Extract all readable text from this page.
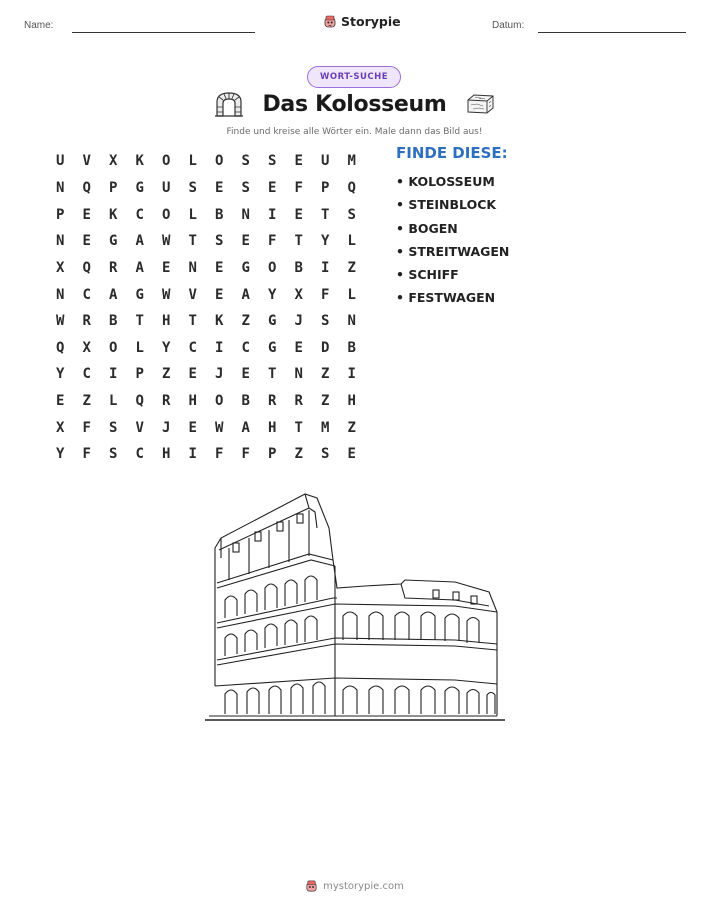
Name:	Storypie	Datum:
WORT-SUCHE
Das Kolosseum
Finde und kreise alle Wörter ein. Male dann das Bild aus!
U	V	X	K	O	L	O	S	S	E	U	M
N	Q	P	G	U	S	E	S	E	F	P	Q
P	E	K	C	O	L	B	N	I	E	T	S
N	E	G	A	W	T	S	E	F	T	Y	L
X	Q	R	A	E	N	E	G	O	B	I	Z
N	C	A	G	W	V	E	A	Y	X	F	L
W	R	B	T	H	T	K	Z	G	J	S	N
Q	X	O	L	Y	C	I	C	G	E	D	B
Y	C	I	P	Z	E	J	E	T	N	Z	I
E	Z	L	Q	R	H	O	B	R	R	Z	H
X	F	S	V	J	E	W	A	H	T	M	Z
Y	F	S	C	H	I	F	F	P	Z	S	E
FINDE DIESE:
• KOLOSSEUM
• STEINBLOCK
• BOGEN
• STREITWAGEN
• SCHIFF
• FESTWAGEN
mystorypie.com
